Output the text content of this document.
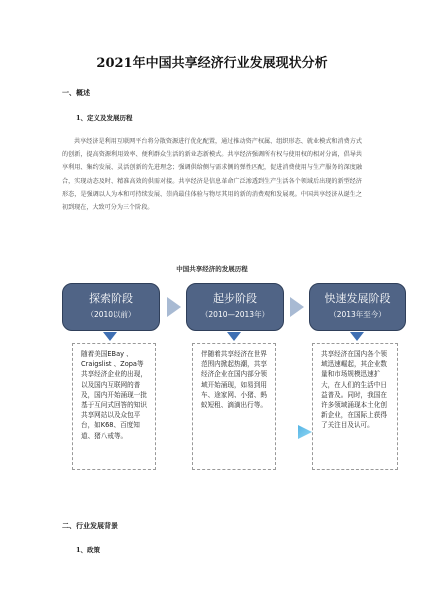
2021年中国共享经济行业发展现状分析
一、概述
1、定义及发展历程
共享经济是利用互联网平台将分散资源进行优化配置，通过推动资产权属、组织形态、就业模式和消费方式的创新，提高资源利用效率、便利群众生活的新业态新模式。共享经济强调所有权与使用权的相对分离，倡导共享利用、集约发展、灵活创新的先进理念；强调供给侧与需求侧的弹性匹配，促进消费使用与生产服务的深度融合，实现动态及时、精准高效的供需对接。共享经济是信息革命广泛渗透到生产生活各个领域后出现的新型经济形态，是强调以人为本和可持续发展、崇尚最佳体验与物尽其用的新的消费观和发展观。中国共享经济从诞生之初到现在，大致可分为三个阶段。
中国共享经济的发展历程
探索阶段
（2010以前）
起步阶段
（2010—2013年）
快速发展阶段
（2013年至今）
随着美国EBay 、Craigslist 、Zopa等共享经济企业的出现，以及国内互联网的普及，国内开始涌现一批基于互问式回答的知识共享网站以及众包平台，如K68、百度知道、猪八戒等。
伴随着共享经济在世界范围内掀起热潮，共享经济企业在国内部分领域开始涌现，如易到用车、途家网、小猪、蚂蚁短租、滴滴出行等。
共享经济在国内各个领域迅速崛起，其企业数量和市场规模迅速扩大，在人们的生活中日益普及。同时，我国在许多领域涌现本土化创新企业，在国际上获得了关注目及认可。
二、行业发展背景
1、政策
